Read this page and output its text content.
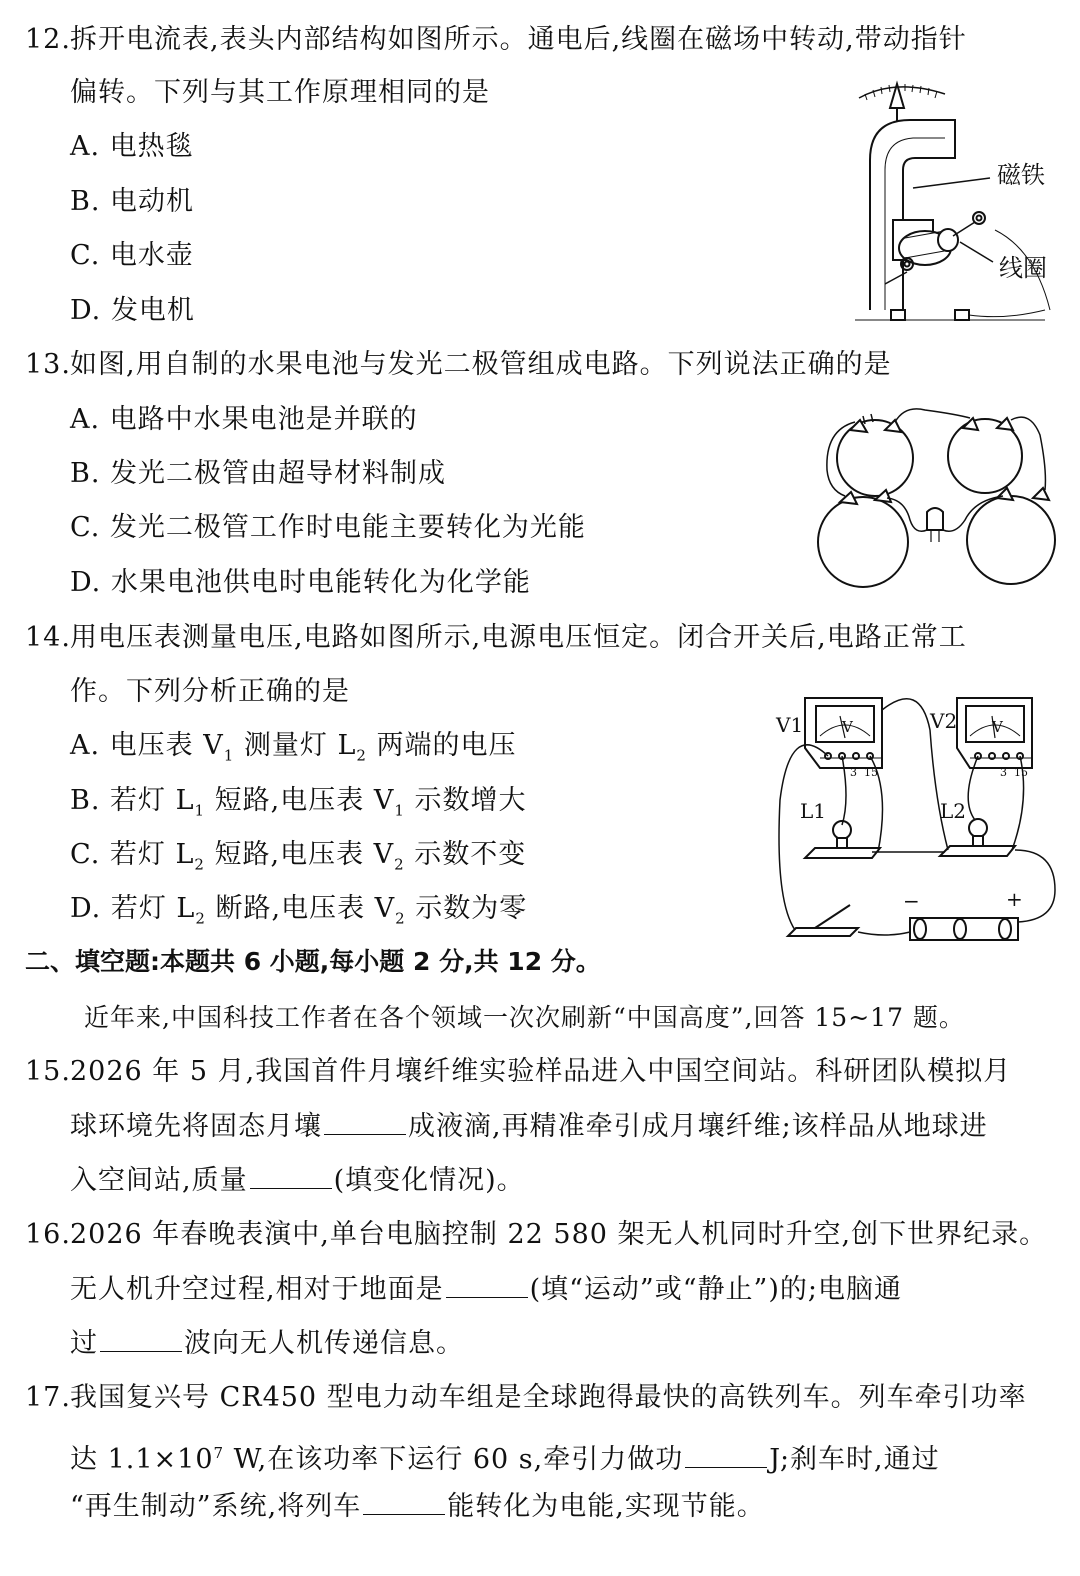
12. 拆开电流表,表头内部结构如图所示。通电后,线圈在磁场中转动,带动指针
偏转。下列与其工作原理相同的是
A. 电热毯
B. 电动机
C. 电水壶
D. 发电机
磁铁
线圈
13. 如图,用自制的水果电池与发光二极管组成电路。下列说法正确的是
A. 电路中水果电池是并联的
B. 发光二极管由超导材料制成
C. 发光二极管工作时电能主要转化为光能
D. 水果电池供电时电能转化为化学能
14. 用电压表测量电压,电路如图所示,电源电压恒定。闭合开关后,电路正常工
作。下列分析正确的是
A. 电压表 $V_1$ 测量灯 $L_2$ 两端的电压
B. 若灯 $L_1$ 短路,电压表 $V_1$ 示数增大
C. 若灯 $L_2$ 短路,电压表 $V_2$ 示数不变
D. 若灯 $L_2$ 断路,电压表 $V_2$ 示数为零
V	V
V1	V2
L1	L2
3 15	3 15
−	+
二、填空题:本题共 6 小题,每小题 2 分,共 12 分。
近年来,中国科技工作者在各个领域一次次刷新“中国高度”,回答 15~17 题。
15. 2026 年 5 月,我国首件月壤纤维实验样品进入中国空间站。科研团队模拟月
球环境先将固态月壤	成液滴,再精准牵引成月壤纤维;该样品从地球进
入空间站,质量	(填变化情况)。
16. 2026 年春晚表演中,单台电脑控制 22 580 架无人机同时升空,创下世界纪录。
无人机升空过程,相对于地面是	(填“运动”或“静止”)的;电脑通
过	波向无人机传递信息。
17. 我国复兴号 CR450 型电力动车组是全球跑得最快的高铁列车。列车牵引功率
达 $1.1\times 10^7$ W,在该功率下运行 60 s,牵引力做功	J;刹车时,通过
“再生制动”系统,将列车	能转化为电能,实现节能。
